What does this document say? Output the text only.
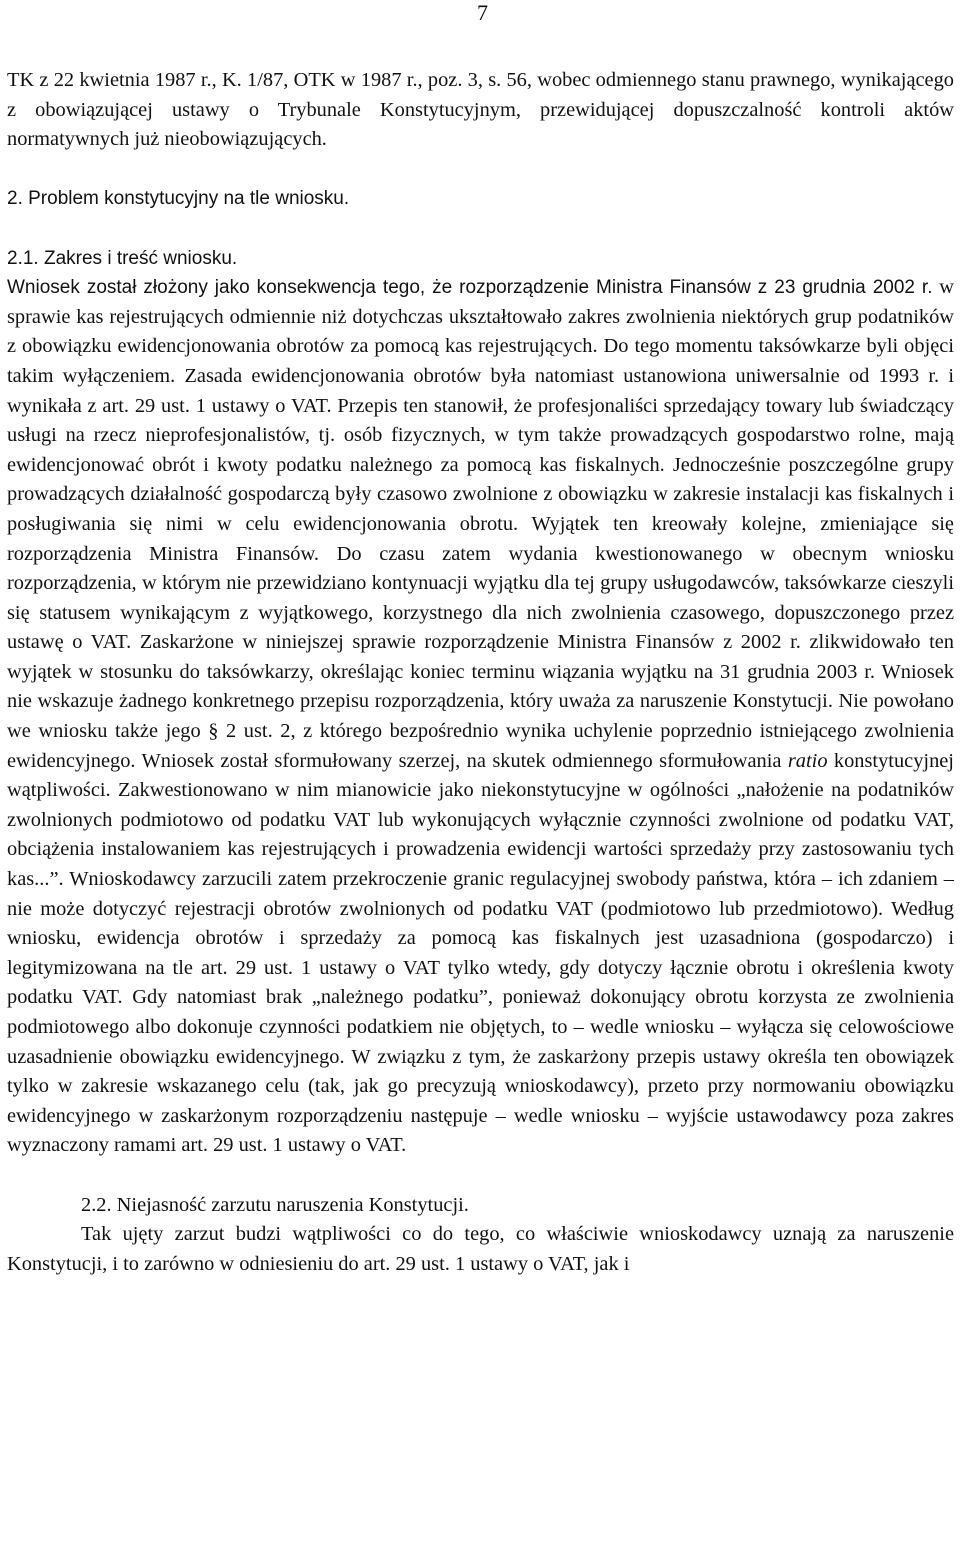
7

TK z 22 kwietnia 1987 r., K. 1/87, OTK w 1987 r., poz. 3, s. 56, wobec odmiennego stanu prawnego, wynikającego z obowiązującej ustawy o Trybunale Konstytucyjnym, przewidującej dopuszczalność kontroli aktów normatywnych już nieobowiązujących.

2. Problem konstytucyjny na tle wniosku.

2.1. Zakres i treść wniosku.

Wniosek został złożony jako konsekwencja tego, że rozporządzenie Ministra Finansów z 23 grudnia 2002 r. w sprawie kas rejestrujących odmiennie niż dotychczas ukształtowało zakres zwolnienia niektórych grup podatników z obowiązku ewidencjonowania obrotów za pomocą kas rejestrujących. Do tego momentu taksówkarze byli objęci takim wyłączeniem. Zasada ewidencjonowania obrotów była natomiast ustanowiona uniwersalnie od 1993 r. i wynikała z art. 29 ust. 1 ustawy o VAT. Przepis ten stanowił, że profesjonaliści sprzedający towary lub świadczący usługi na rzecz nieprofesjonalistów, tj. osób fizycznych, w tym także prowadzących gospodarstwo rolne, mają ewidencjonować obrót i kwoty podatku należnego za pomocą kas fiskalnych. Jednocześnie poszczególne grupy prowadzących działalność gospodarczą były czasowo zwolnione z obowiązku w zakresie instalacji kas fiskalnych i posługiwania się nimi w celu ewidencjonowania obrotu. Wyjątek ten kreowały kolejne, zmieniające się rozporządzenia Ministra Finansów. Do czasu zatem wydania kwestionowanego w obecnym wniosku rozporządzenia, w którym nie przewidziano kontynuacji wyjątku dla tej grupy usługodawców, taksówkarze cieszyli się statusem wynikającym z wyjątkowego, korzystnego dla nich zwolnienia czasowego, dopuszczonego przez ustawę o VAT. Zaskarżone w niniejszej sprawie rozporządzenie Ministra Finansów z 2002 r. zlikwidowało ten wyjątek w stosunku do taksówkarzy, określając koniec terminu wiązania wyjątku na 31 grudnia 2003 r. Wniosek nie wskazuje żadnego konkretnego przepisu rozporządzenia, który uważa za naruszenie Konstytucji. Nie powołano we wniosku także jego § 2 ust. 2, z którego bezpośrednio wynika uchylenie poprzednio istniejącego zwolnienia ewidencyjnego. Wniosek został sformułowany szerzej, na skutek odmiennego sformułowania ratio konstytucyjnej wątpliwości. Zakwestionowano w nim mianowicie jako niekonstytucyjne w ogólności „nałożenie na podatników zwolnionych podmiotowo od podatku VAT lub wykonujących wyłącznie czynności zwolnione od podatku VAT, obciążenia instalowaniem kas rejestrujących i prowadzenia ewidencji wartości sprzedaży przy zastosowaniu tych kas...”. Wnioskodawcy zarzucili zatem przekroczenie granic regulacyjnej swobody państwa, która – ich zdaniem – nie może dotyczyć rejestracji obrotów zwolnionych od podatku VAT (podmiotowo lub przedmiotowo). Według wniosku, ewidencja obrotów i sprzedaży za pomocą kas fiskalnych jest uzasadniona (gospodarczo) i legitymizowana na tle art. 29 ust. 1 ustawy o VAT tylko wtedy, gdy dotyczy łącznie obrotu i określenia kwoty podatku VAT. Gdy natomiast brak „należnego podatku”, ponieważ dokonujący obrotu korzysta ze zwolnienia podmiotowego albo dokonuje czynności podatkiem nie objętych, to – wedle wniosku – wyłącza się celowościowe uzasadnienie obowiązku ewidencyjnego. W związku z tym, że zaskarżony przepis ustawy określa ten obowiązek tylko w zakresie wskazanego celu (tak, jak go precyzują wnioskodawcy), przeto przy normowaniu obowiązku ewidencyjnego w zaskarżonym rozporządzeniu następuje – wedle wniosku – wyjście ustawodawcy poza zakres wyznaczony ramami art. 29 ust. 1 ustawy o VAT.

2.2. Niejasność zarzutu naruszenia Konstytucji.

Tak ujęty zarzut budzi wątpliwości co do tego, co właściwie wnioskodawcy uznają za naruszenie Konstytucji, i to zarówno w odniesieniu do art. 29 ust. 1 ustawy o VAT, jak i
